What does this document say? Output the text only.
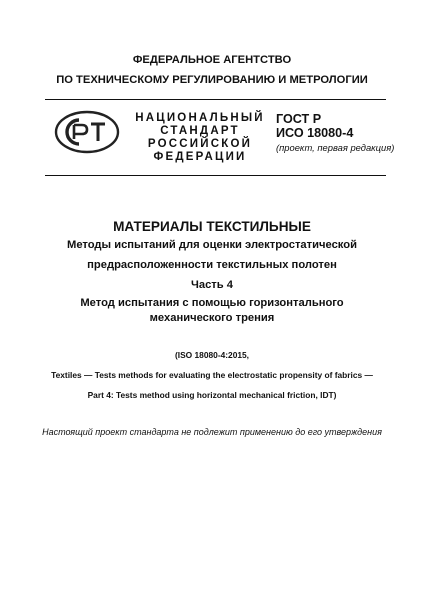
ФЕДЕРАЛЬНОЕ АГЕНТСТВО
ПО ТЕХНИЧЕСКОМУ РЕГУЛИРОВАНИЮ И МЕТРОЛОГИИ
НАЦИОНАЛЬНЫЙ
СТАНДАРТ
РОССИЙСКОЙ
ФЕДЕРАЦИИ
ГОСТ Р
ИСО 18080-4
(проект, первая редакция)
МАТЕРИАЛЫ ТЕКСТИЛЬНЫЕ
Методы испытаний для оценки электростатической
предрасположенности текстильных полотен
Часть 4
Метод испытания с помощью горизонтального
механического трения
(ISO 18080-4:2015,
Textiles — Tests methods for evaluating the electrostatic propensity of fabrics —
Part 4: Tests method using horizontal mechanical friction, IDT)
Настоящий проект стандарта не подлежит применению до его утверждения
